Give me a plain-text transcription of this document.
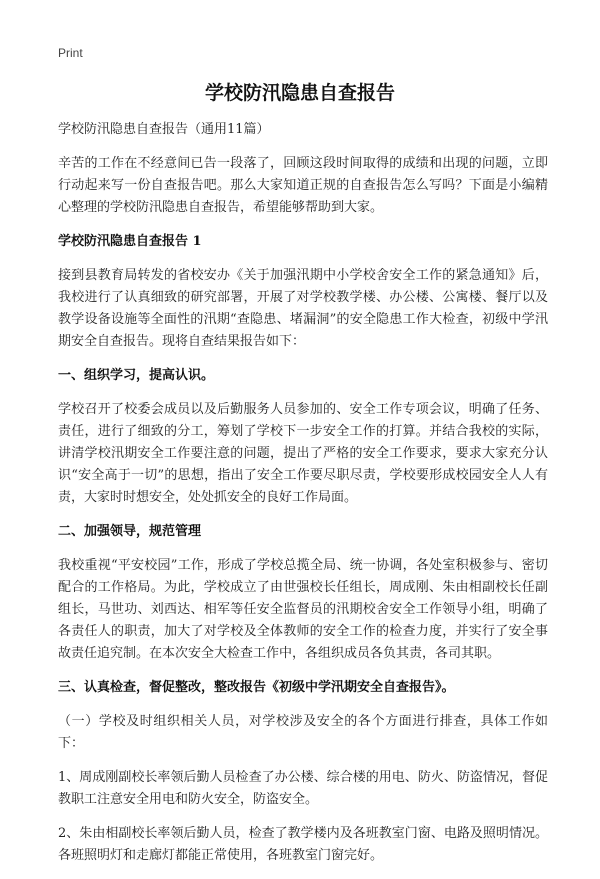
Print
学校防汛隐患自查报告

学校防汛隐患自查报告（通用11篇）

辛苦的工作在不经意间已告一段落了，回顾这段时间取得的成绩和出现的问题，立即行动起来写一份自查报告吧。那么大家知道正规的自查报告怎么写吗？下面是小编精心整理的学校防汛隐患自查报告，希望能够帮助到大家。

学校防汛隐患自查报告 1

接到县教育局转发的省校安办《关于加强汛期中小学校舍安全工作的紧急通知》后，我校进行了认真细致的研究部署，开展了对学校教学楼、办公楼、公寓楼、餐厅以及教学设备设施等全面性的汛期“查隐患、堵漏洞”的安全隐患工作大检查，初级中学汛期安全自查报告。现将自查结果报告如下：

一、组织学习，提高认识。

学校召开了校委会成员以及后勤服务人员参加的、安全工作专项会议，明确了任务、责任，进行了细致的分工，筹划了学校下一步安全工作的打算。并结合我校的实际，讲清学校汛期安全工作要注意的问题，提出了严格的安全工作要求，要求大家充分认识“安全高于一切”的思想，指出了安全工作要尽职尽责，学校要形成校园安全人人有责，大家时时想安全，处处抓安全的良好工作局面。

二、加强领导，规范管理

我校重视“平安校园”工作，形成了学校总揽全局、统一协调，各处室积极参与、密切配合的工作格局。为此，学校成立了由世强校长任组长，周成刚、朱由相副校长任副组长，马世功、刘西达、相军等任安全监督员的汛期校舍安全工作领导小组，明确了各责任人的职责，加大了对学校及全体教师的安全工作的检查力度，并实行了安全事故责任追究制。在本次安全大检查工作中，各组织成员各负其责，各司其职。

三、认真检查，督促整改，整改报告《初级中学汛期安全自查报告》。

（一）学校及时组织相关人员，对学校涉及安全的各个方面进行排查，具体工作如下：

1、周成刚副校长率领后勤人员检查了办公楼、综合楼的用电、防火、防盗情况，督促教职工注意安全用电和防火安全，防盗安全。

2、朱由相副校长率领后勤人员，检查了教学楼内及各班教室门窗、电路及照明情况。各班照明灯和走廊灯都能正常使用，各班教室门窗完好。
